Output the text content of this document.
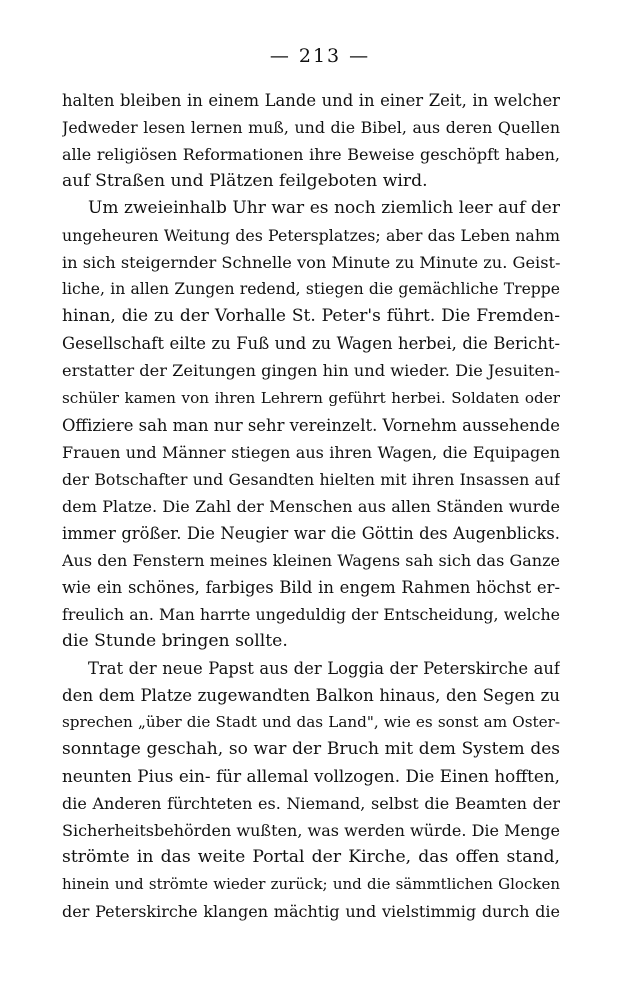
— 213 —
halten bleiben in einem Lande und in einer Zeit, in welcher
Jedweder lesen lernen muß, und die Bibel, aus deren Quellen
alle religiösen Reformationen ihre Beweise geschöpft haben,
auf Straßen und Plätzen feilgeboten wird.
Um zweieinhalb Uhr war es noch ziemlich leer auf der
ungeheuren Weitung des Petersplatzes; aber das Leben nahm
in sich steigernder Schnelle von Minute zu Minute zu. Geist-
liche, in allen Zungen redend, stiegen die gemächliche Treppe
hinan, die zu der Vorhalle St. Peter's führt. Die Fremden-
Gesellschaft eilte zu Fuß und zu Wagen herbei, die Bericht-
erstatter der Zeitungen gingen hin und wieder. Die Jesuiten-
schüler kamen von ihren Lehrern geführt herbei. Soldaten oder
Offiziere sah man nur sehr vereinzelt. Vornehm aussehende
Frauen und Männer stiegen aus ihren Wagen, die Equipagen
der Botschafter und Gesandten hielten mit ihren Insassen auf
dem Platze. Die Zahl der Menschen aus allen Ständen wurde
immer größer. Die Neugier war die Göttin des Augenblicks.
Aus den Fenstern meines kleinen Wagens sah sich das Ganze
wie ein schönes, farbiges Bild in engem Rahmen höchst er-
freulich an. Man harrte ungeduldig der Entscheidung, welche
die Stunde bringen sollte.
Trat der neue Papst aus der Loggia der Peterskirche auf
den dem Platze zugewandten Balkon hinaus, den Segen zu
sprechen „über die Stadt und das Land", wie es sonst am Oster-
sonntage geschah, so war der Bruch mit dem System des
neunten Pius ein- für allemal vollzogen. Die Einen hofften,
die Anderen fürchteten es. Niemand, selbst die Beamten der
Sicherheitsbehörden wußten, was werden würde. Die Menge
strömte in das weite Portal der Kirche, das offen stand,
hinein und strömte wieder zurück; und die sämmtlichen Glocken
der Peterskirche klangen mächtig und vielstimmig durch die
